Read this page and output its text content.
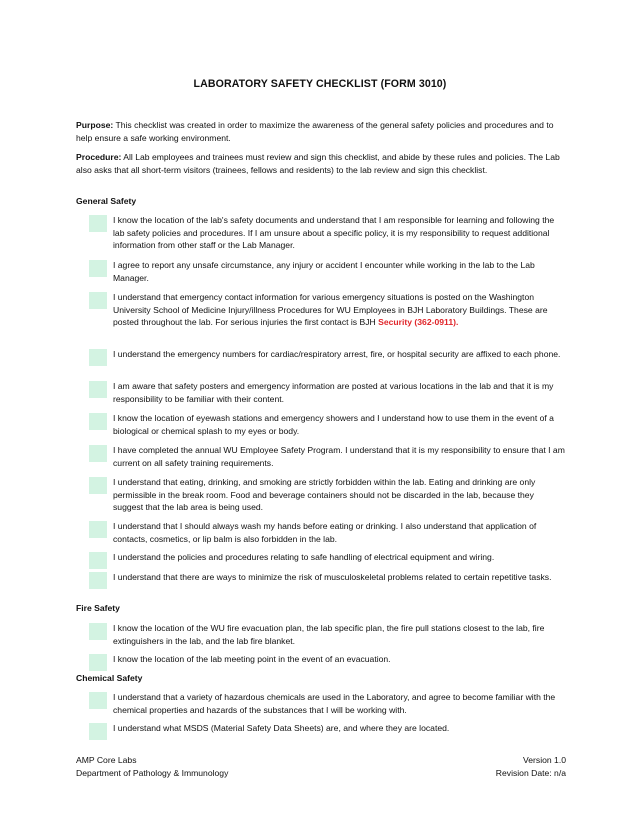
LABORATORY SAFETY CHECKLIST (FORM 3010)
Purpose: This checklist was created in order to maximize the awareness of the general safety policies and procedures and to help ensure a safe working environment.
Procedure: All Lab employees and trainees must review and sign this checklist, and abide by these rules and policies. The Lab also asks that all short-term visitors (trainees, fellows and residents) to the lab review and sign this checklist.
General Safety
I know the location of the lab's safety documents and understand that I am responsible for learning and following the lab safety policies and procedures. If I am unsure about a specific policy, it is my responsibility to request additional information from other staff or the Lab Manager.
I agree to report any unsafe circumstance, any injury or accident I encounter while working in the lab to the Lab Manager.
I understand that emergency contact information for various emergency situations is posted on the Washington University School of Medicine Injury/illness Procedures for WU Employees in BJH Laboratory Buildings. These are posted throughout the lab. For serious injuries the first contact is BJH Security (362-0911).
I understand the emergency numbers for cardiac/respiratory arrest, fire, or hospital security are affixed to each phone.
I am aware that safety posters and emergency information are posted at various locations in the lab and that it is my responsibility to be familiar with their content.
I know the location of eyewash stations and emergency showers and I understand how to use them in the event of a biological or chemical splash to my eyes or body.
I have completed the annual WU Employee Safety Program. I understand that it is my responsibility to ensure that I am current on all safety training requirements.
I understand that eating, drinking, and smoking are strictly forbidden within the lab. Eating and drinking are only permissible in the break room. Food and beverage containers should not be discarded in the lab, because they suggest that the lab area is being used.
I understand that I should always wash my hands before eating or drinking. I also understand that application of contacts, cosmetics, or lip balm is also forbidden in the lab.
I understand the policies and procedures relating to safe handling of electrical equipment and wiring.
I understand that there are ways to minimize the risk of musculoskeletal problems related to certain repetitive tasks.
Fire Safety
I know the location of the WU fire evacuation plan, the lab specific plan, the fire pull stations closest to the lab, fire extinguishers in the lab, and the lab fire blanket.
I know the location of the lab meeting point in the event of an evacuation.
Chemical Safety
I understand that a variety of hazardous chemicals are used in the Laboratory, and agree to become familiar with the chemical properties and hazards of the substances that I will be working with.
I understand what MSDS (Material Safety Data Sheets) are, and where they are located.
AMP Core Labs
Department of Pathology & Immunology
Version 1.0
Revision Date: n/a
